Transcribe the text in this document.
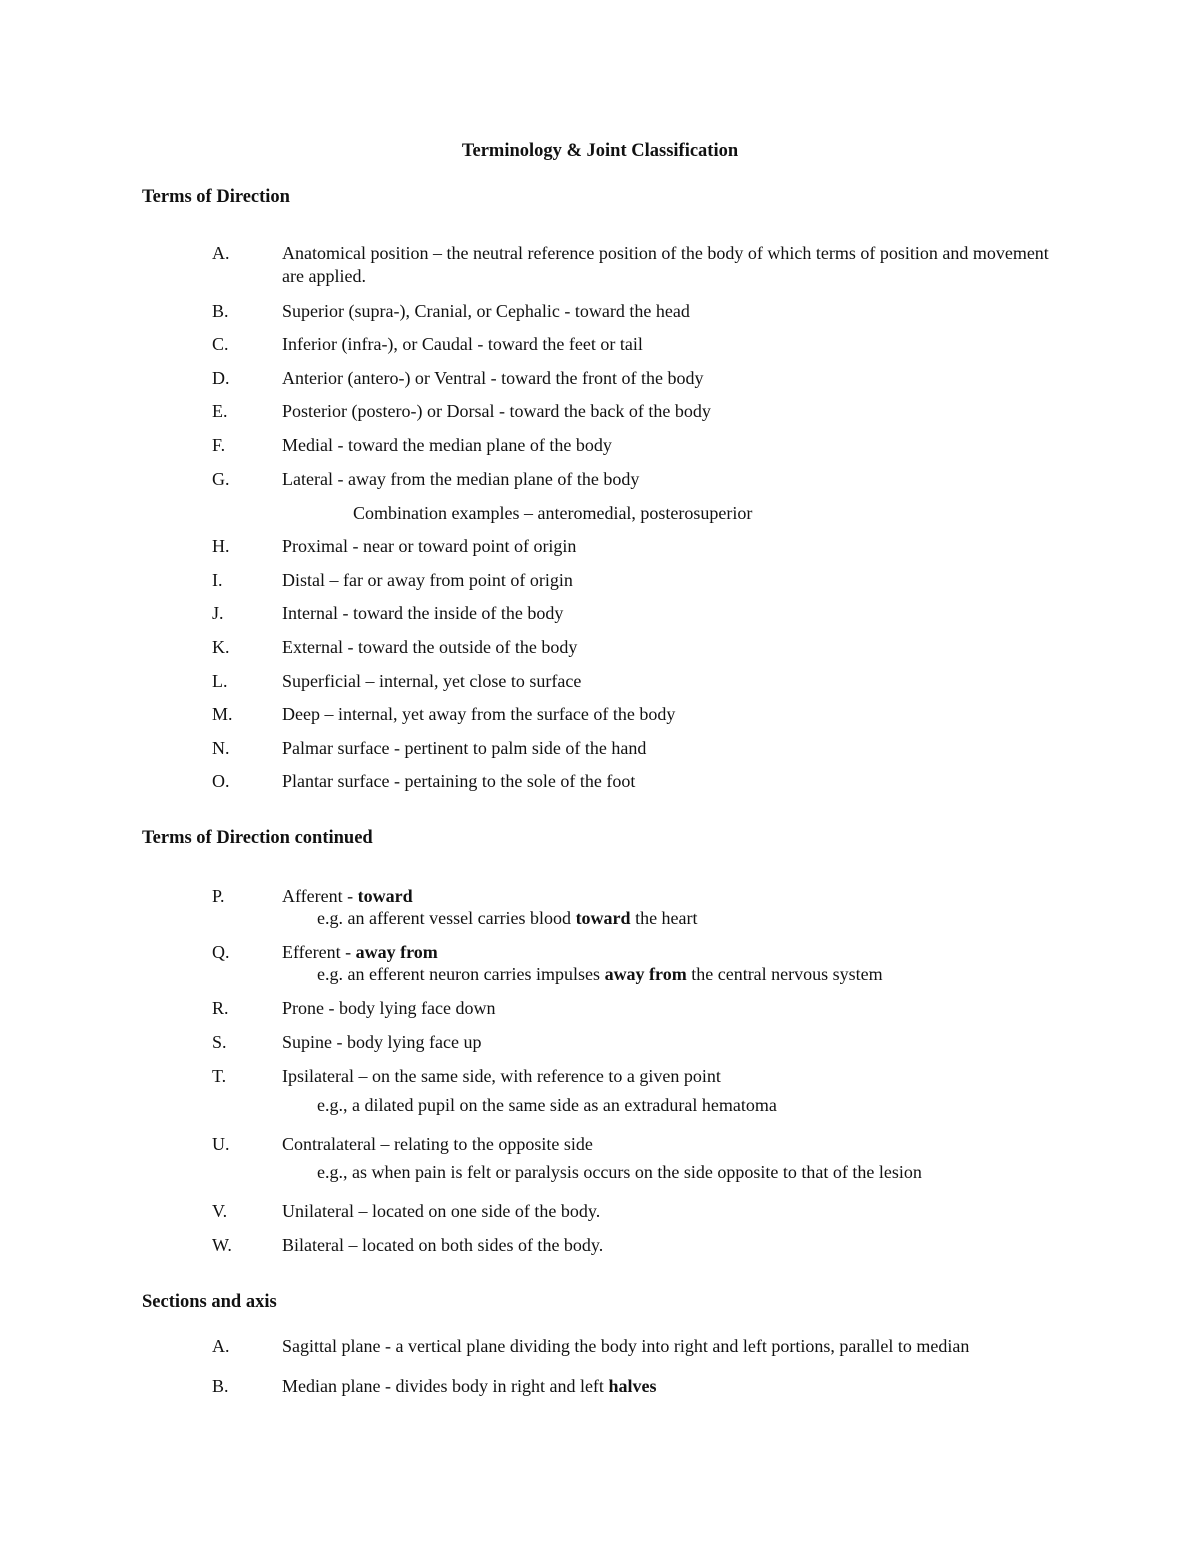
Terminology & Joint Classification
Terms of Direction
A.	Anatomical position – the neutral reference position of the body of which terms of position and movement are applied.
B.	Superior (supra-), Cranial, or Cephalic - toward the head
C.	Inferior (infra-), or Caudal - toward the feet or tail
D.	Anterior (antero-) or Ventral - toward the front of the body
E.	Posterior (postero-) or Dorsal - toward the back of the body
F.	Medial - toward the median plane of the body
G.	Lateral - away from the median plane of the body
Combination examples – anteromedial, posterosuperior
H.	Proximal - near or toward point of origin
I.	Distal – far or away from point of origin
J.	Internal - toward the inside of the body
K.	External - toward the outside of the body
L.	Superficial – internal, yet close to surface
M.	Deep – internal, yet away from the surface of the body
N.	Palmar surface - pertinent to palm side of the hand
O.	Plantar surface - pertaining to the sole of the foot
Terms of Direction continued
P.	Afferent - toward
e.g. an afferent vessel carries blood toward the heart
Q.	Efferent - away from
e.g. an efferent neuron carries impulses away from the central nervous system
R.	Prone - body lying face down
S.	Supine - body lying face up
T.	Ipsilateral – on the same side, with reference to a given point
e.g., a dilated pupil on the same side as an extradural hematoma
U.	Contralateral – relating to the opposite side
e.g., as when pain is felt or paralysis occurs on the side opposite to that of the lesion
V.	Unilateral – located on one side of the body.
W.	Bilateral – located on both sides of the body.
Sections and axis
A.	Sagittal plane - a vertical plane dividing the body into right and left portions, parallel to median
B.	Median plane - divides body in right and left halves
